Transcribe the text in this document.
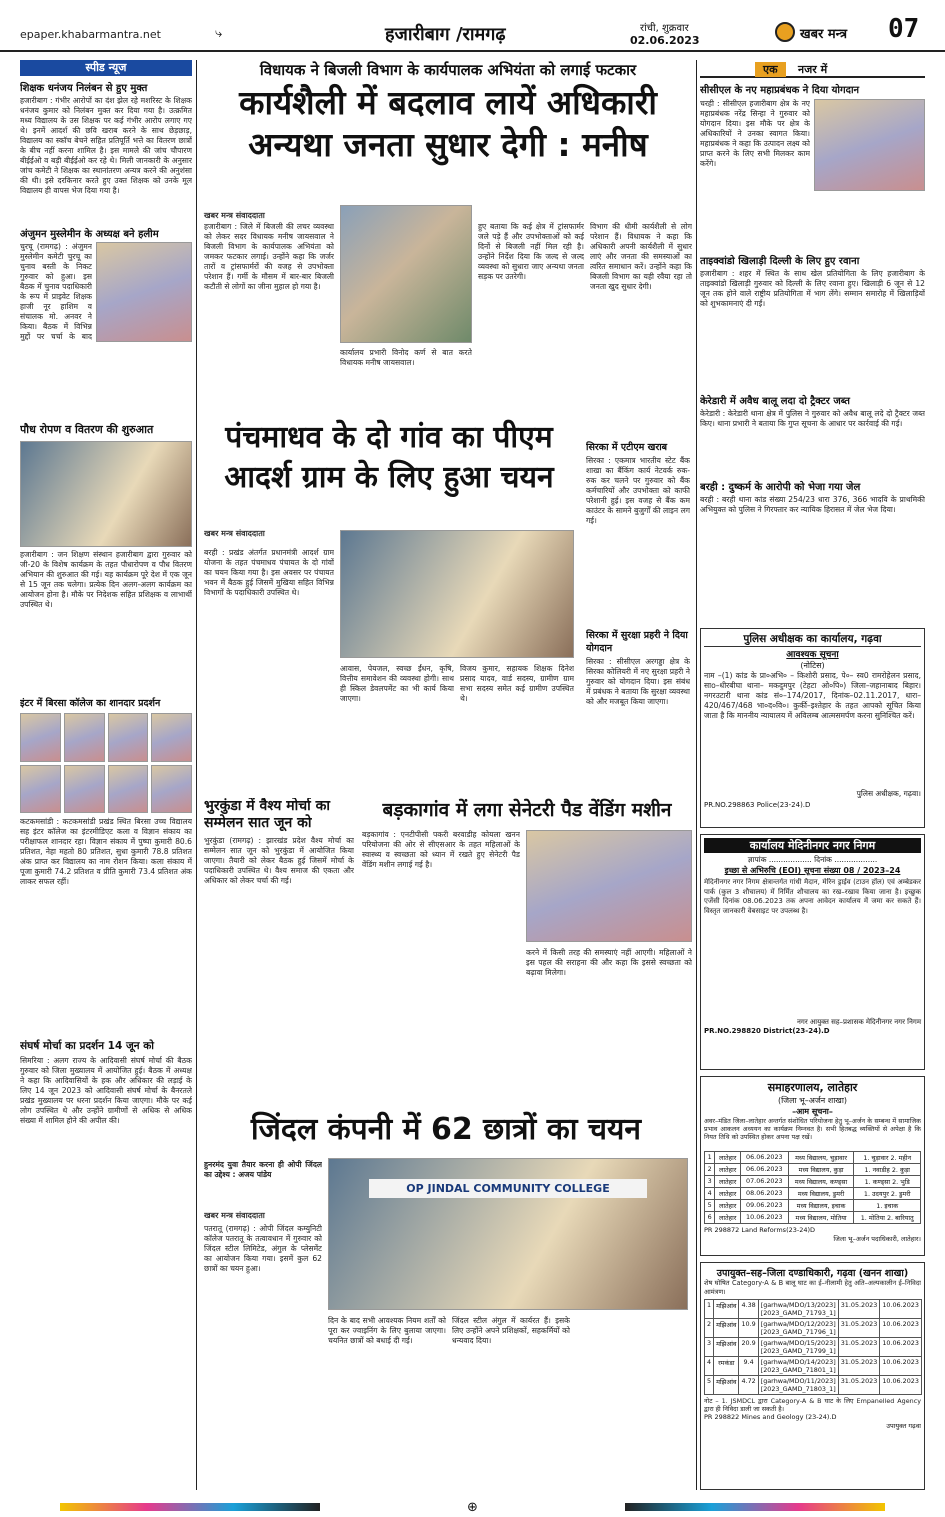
epaper.khabarmantra.net	⤷	हजारीबाग /रामगढ़	रांची, शुक्रवार
02.06.2023	खबर मन्त्र 07
स्पीड न्यूज
शिक्षक धनंजय निलंबन से हुए मुक्त
हजारीबाग : गंभीर आरोपों का दंश झेल रहे मशरिस्ट के शिक्षक धनंजय कुमार को निलंबन मुक्त कर दिया गया है। उत्क्रमित मध्य विद्यालय के उस शिक्षक पर कई गंभीर आरोप लगाए गए थे। इनमें आदर्श की छवि खराब करने के साथ छेड़छाड़, विद्यालय का स्कॉच बेचने सहित प्रतिपूर्ति भत्ते का वितरण छात्रों के बीच नहीं करना शामिल है। इस मामले की जांच चौपारण बीईईओ व बड़ी बीईईओ कर रहे थे। मिली जानकारी के अनुसार जांच कमेटी ने शिक्षक का स्थानांतरण अन्यत्र करने की अनुशंसा की थी। इसे दरकिनार करते हुए उक्त शिक्षक को उनके मूल विद्यालय ही वापस भेज दिया गया है।
अंजुमन मुस्लेमीन के अध्यक्ष बने हलीम
चुरचू (रामगढ़) : अंजुमन मुस्लेमीन कमेटी चुरचू का चुनाव बस्ती के निकट गुरुवार को हुआ। इस बैठक में चुनाव पदाधिकारी के रूप में प्राइवेट शिक्षक हाजी नूर हाशिम व संचालक मो. अनवर ने किया। बैठक में विभिन्न मुद्दों पर चर्चा के बाद
पौध रोपण व वितरण की शुरुआत
हजारीबाग : जन शिक्षण संस्थान हजारीबाग द्वारा गुरुवार को जी-20 के विशेष कार्यक्रम के तहत पौधारोपण व पौध वितरण अभियान की शुरुआत की गई। यह कार्यक्रम पूरे देश में एक जून से 15 जून तक चलेगा। प्रत्येक दिन अलग-अलग कार्यक्रम का आयोजन होना है। मौके पर निदेशक सहित प्रशिक्षक व लाभार्थी उपस्थित थे।
इंटर में बिरसा कॉलेज का शानदार प्रदर्शन
कटकमसांडी : कटकमसांडी प्रखंड स्थित बिरसा उच्च विद्यालय सह इंटर कॉलेज का इंटरमीडिएट कला व विज्ञान संकाय का परीक्षाफल शानदार रहा। विज्ञान संकाय में पुष्पा कुमारी 80.6 प्रतिशत, नेहा महतो 80 प्रतिशत, सुधा कुमारी 78.8 प्रतिशत अंक प्राप्त कर विद्यालय का नाम रोशन किया। कला संकाय में पूजा कुमारी 74.2 प्रतिशत व प्रीति कुमारी 73.4 प्रतिशत अंक लाकर सफल रहीं।
संघर्ष मोर्चा का प्रदर्शन 14 जून को
सिमरिया : अलग राज्य के आदिवासी संघर्ष मोर्चा की बैठक गुरुवार को जिला मुख्यालय में आयोजित हुई। बैठक में अध्यक्ष ने कहा कि आदिवासियों के हक और अधिकार की लड़ाई के लिए 14 जून 2023 को आदिवासी संघर्ष मोर्चा के बैनरतले प्रखंड मुख्यालय पर धरना प्रदर्शन किया जाएगा। मौके पर कई लोग उपस्थित थे और उन्होंने ग्रामीणों से अधिक से अधिक संख्या में शामिल होने की अपील की।
विधायक ने बिजली विभाग के कार्यपालक अभियंता को लगाई फटकार
कार्यशैली में बदलाव लायें अधिकारी
अन्यथा जनता सुधार देगी : मनीष
खबर मन्त्र संवाददाता
हजारीबाग : जिले में बिजली की लचर व्यवस्था को लेकर सदर विधायक मनीष जायसवाल ने बिजली विभाग के कार्यपालक अभियंता को जमकर फटकार लगाई। उन्होंने कहा कि जर्जर तारों व ट्रांसफार्मरों की वजह से उपभोक्ता परेशान हैं। गर्मी के मौसम में बार-बार बिजली कटौती से लोगों का जीना मुहाल हो गया है।
कार्यालय प्रभारी विनोद कर्ण से बात करते विधायक मनीष जायसवाल।
हुए बताया कि कई क्षेत्र में ट्रांसफार्मर जले पड़े हैं और उपभोक्ताओं को कई दिनों से बिजली नहीं मिल रही है। उन्होंने निर्देश दिया कि जल्द से जल्द व्यवस्था को सुधारा जाए अन्यथा जनता सड़क पर उतरेगी।
विभाग की धीमी कार्यशैली से लोग परेशान हैं। विधायक ने कहा कि अधिकारी अपनी कार्यशैली में सुधार लाएं और जनता की समस्याओं का त्वरित समाधान करें। उन्होंने कहा कि बिजली विभाग का यही रवैया रहा तो जनता खुद सुधार देगी।
एक	नजर में
सीसीएल के नए महाप्रबंधक ने दिया योगदान
चरही : सीसीएल हजारीबाग क्षेत्र के नए महाप्रबंधक नरेंद्र सिन्हा ने गुरुवार को योगदान दिया। इस मौके पर क्षेत्र के अधिकारियों ने उनका स्वागत किया। महाप्रबंधक ने कहा कि उत्पादन लक्ष्य को प्राप्त करने के लिए सभी मिलकर काम करेंगे।
ताइक्वांडो खिलाड़ी दिल्ली के लिए हुए रवाना
हजारीबाग : शहर में स्थित के साथ खेल प्रतियोगिता के लिए हजारीबाग के ताइक्वांडो खिलाड़ी गुरुवार को दिल्ली के लिए रवाना हुए। खिलाड़ी 6 जून से 12 जून तक होने वाले राष्ट्रीय प्रतियोगिता में भाग लेंगे। सम्मान समारोह में खिलाड़ियों को शुभकामनाएं दी गईं।
केरेडारी में अवैध बालू लदा दो ट्रैक्टर जब्त
केरेडारी : केरेडारी थाना क्षेत्र में पुलिस ने गुरुवार को अवैध बालू लदे दो ट्रैक्टर जब्त किए। थाना प्रभारी ने बताया कि गुप्त सूचना के आधार पर कार्रवाई की गई।
बरही : दुष्कर्म के आरोपी को भेजा गया जेल
बरही : बरही थाना कांड संख्या 254/23 धारा 376, 366 भादवि के प्राथमिकी अभियुक्त को पुलिस ने गिरफ्तार कर न्यायिक हिरासत में जेल भेज दिया।
पंचमाधव के दो गांव का पीएम
आदर्श ग्राम के लिए हुआ चयन
खबर मन्त्र संवाददाता
बरही : प्रखंड अंतर्गत प्रधानमंत्री आदर्श ग्राम योजना के तहत पंचमाधव पंचायत के दो गांवों का चयन किया गया है। इस अवसर पर पंचायत भवन में बैठक हुई जिसमें मुखिया सहित विभिन्न विभागों के पदाधिकारी उपस्थित थे।
आवास, पेयजल, स्वच्छ ईंधन, कृषि, वित्तीय समावेशन की व्यवस्था होगी। साथ ही स्किल डेवलपमेंट का भी कार्य किया जाएगा।
विजय कुमार, सहायक शिक्षक दिनेश प्रसाद यादव, वार्ड सदस्य, ग्रामीण ग्राम सभा सदस्य समेत कई ग्रामीण उपस्थित थे।
सिरका में एटीएम खराब
सिरका : एकमात्र भारतीय स्टेट बैंक शाखा का बैंकिंग कार्य नेटवर्क रुक-रुक कर चलने पर गुरुवार को बैंक कर्मचारियों और उपभोक्ता को काफी परेशानी हुई। इस वजह से बैंक कम काउंटर के सामने बुजुर्गों की लाइन लग गई।
सिरका में सुरक्षा प्रहरी ने दिया योगदान
सिरका : सीसीएल अरगड्डा क्षेत्र के सिरका कोलियरी में नए सुरक्षा प्रहरी ने गुरुवार को योगदान दिया। इस संबंध में प्रबंधक ने बताया कि सुरक्षा व्यवस्था को और मजबूत किया जाएगा।
पुलिस अधीक्षक का कार्यालय, गढ़वा
आवश्यक सूचना
(नोटिस)
नाम –(1) कांड के प्रा०अभि० – किशोरी प्रसाद, पे०– स्व0 रामरोहेलन प्रसाद, साo–धीरबीघा थाना– मकदुमपुर (टेहटा ओ०पि०) जिला–जहानाबाद बिहार। नगरउटारी थाना कांड सं०–174/2017, दिनांक–02.11.2017, धारा– 420/467/468 भा०द०वि०। कुर्की–इश्तेहार के तहत आपको सूचित किया जाता है कि माननीय न्यायालय में अविलम्ब आत्मसमर्पण करना सुनिश्चित करें।
पुलिस अधीक्षक, गढ़वा।
PR.NO.298863 Police(23-24).D
कार्यालय मेदिनीनगर नगर निगम
ज्ञापांक .................. दिनांक ..................
इच्छा से अभिरुचि (EOI) सूचना संख्या 08 / 2023–24
मेदिनीनगर नगर निगम क्षेत्रान्तर्गत गांधी मैदान, मेरिन ड्राईव (टाउन हॉल) एवं अम्बेडकर पार्क (कुल 3 शौचालय) में निर्मित शौचालय का रख–रखाव किया जाना है। इच्छुक एजेंसी दिनांक 08.06.2023 तक अपना आवेदन कार्यालय में जमा कर सकते हैं। विस्तृत जानकारी वेबसाइट पर उपलब्ध है।
नगर आयुक्त सह–प्रशासक मेदिनीनगर नगर निगम
PR.NO.298820 District(23-24).D
भुरकुंडा में वैश्य मोर्चा का सम्मेलन सात जून को
भुरकुंडा (रामगढ़) : झारखंड प्रदेश वैश्य मोर्चा का सम्मेलन सात जून को भुरकुंडा में आयोजित किया जाएगा। तैयारी को लेकर बैठक हुई जिसमें मोर्चा के पदाधिकारी उपस्थित थे। वैश्य समाज की एकता और अधिकार को लेकर चर्चा की गई।
बड़कागांव में लगा सेनेटरी पैड वेंडिंग मशीन
बड़कागांव : एनटीपीसी पकरी बरवाडीह कोयला खनन परियोजना की ओर से सीएसआर के तहत महिलाओं के स्वास्थ्य व स्वच्छता को ध्यान में रखते हुए सेनेटरी पैड वेंडिंग मशीन लगाई गई है।
करने में किसी तरह की समस्याएं नहीं आएगी। महिलाओं ने इस पहल की सराहना की और कहा कि इससे स्वच्छता को बढ़ावा मिलेगा।
जिंदल कंपनी में 62 छात्रों का चयन
हुनरमंद युवा तैयार करना ही ओपी जिंदल का उद्देश्य : अजय पांडेय
खबर मन्त्र संवाददाता
पतरातू (रामगढ़) : ओपी जिंदल कम्युनिटी कॉलेज पतरातू के तत्वावधान में गुरुवार को जिंदल स्टील लिमिटेड, अंगुल के प्लेसमेंट का आयोजन किया गया। इसमें कुल 62 छात्रों का चयन हुआ।
OP JINDAL COMMUNITY COLLEGE
दिन के बाद सभी आवश्यक नियम शर्तों को पूरा कर ज्वाइनिंग के लिए बुलाया जाएगा। चयनित छात्रों को बधाई दी गई।
जिंदल स्टील अंगुल में कार्यरत हैं। इसके लिए उन्होंने अपने प्रशिक्षकों, सहकर्मियों को धन्यवाद दिया।
समाहरणालय, लातेहार
(जिला भू–अर्जन शाखा)
–आम सूचना–
अवर–मंडित जिला–लातेहार अन्तर्गत संशोधित परियोजना हेतु भू–अर्जन के सम्बन्ध में सामाजिक प्रभाव आकलन अध्ययन का कार्यक्रम निम्नवत है। सभी हितबद्ध व्यक्तियों से अपेक्षा है कि नियत तिथि को उपस्थित होकर अपना पक्ष रखें।
1	लातेहार	06.06.2023	मध्य विद्यालय, चुड़ावार	1. चुड़ावार 2. महीन
2	लातेहार	06.06.2023	मध्य विद्यालय, कुड़ा	1. नवाडीह 2. कुड़ा
3	लातेहार	07.06.2023	मध्य विद्यालय, कण्ड्सा	1. कण्ड्सा 2. भुडि
4	लातेहार	08.06.2023	मध्य विद्यालय, डुमरी	1. उदयपुर 2. डुमरी
5	लातेहार	09.06.2023	मध्य विद्यालय, इचाक	1. इचाक
6	लातेहार	10.06.2023	मध्य विद्यालय, मोतिया	1. मोतिया 2. बारियातु
PR 298872 Land Reforms(23-24)D
जिला भू–अर्जन पदाधिकारी, लातेहार।
उपायुक्त–सह–जिला दण्डाधिकारी, गढ़वा (खनन शाखा)
शेष घोषित Category-A & B बालू घाट का ई–नीलामी हेतु अति–अल्पकालीन ई–निविदा आमंत्रण।
1	मझिआंव	4.38	[garhwa/MDO/13/2023] [2023_GAMD_71793_1]	31.05.2023	10.06.2023
2	मझिआंव	10.9	[garhwa/MDO/12/2023] [2023_GAMD_71796_1]	31.05.2023	10.06.2023
3	मझिआंव	20.9	[garhwa/MDO/15/2023] [2023_GAMD_71799_1]	31.05.2023	10.06.2023
4	रमकंडा	9.4	[garhwa/MDO/14/2023] [2023_GAMD_71801_1]	31.05.2023	10.06.2023
5	मझिआंव	4.72	[garhwa/MDO/11/2023] [2023_GAMD_71803_1]	31.05.2023	10.06.2023
नोट – 1. JSMDCL द्वारा Category-A & B घाट के लिए Empanelled Agency द्वारा ही निविदा डाली जा सकती है।
PR 298822 Mines and Geology (23-24).D
उपायुक्त गढ़वा
⊕
